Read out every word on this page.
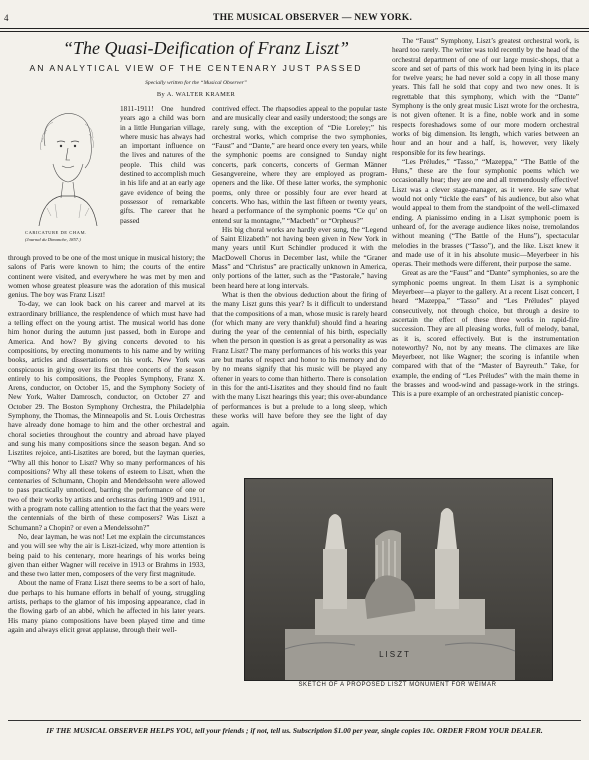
4	THE MUSICAL OBSERVER — NEW YORK.
“The Quasi-Deification of Franz Liszt”
AN ANALYTICAL VIEW OF THE CENTENARY JUST PASSED
Specially written for the “Musical Observer”
By A. WALTER KRAMER
CARICATURE DE CHAM.
(Journal du Dimanche, 1857.)

1811-1911! One hundred years ago a child was born in a little Hungarian village, where music has always had an important influence on the lives and natures of the people. This child was destined to accomplish much in his life and at an early age gave evidence of being the possessor of remarkable gifts. The career that he passed

through proved to be one of the most unique in musical history; the salons of Paris were known to him; the courts of the entire continent were visited, and everywhere he was met by men and women whose greatest pleasure was the adoration of this musical genius. The boy was Franz Liszt!

To-day, we can look back on his career and marvel at its extraordinary brilliance, the resplendence of which must have had a telling effect on the young artist. The musical world has done him honor during the autumn just passed, both in Europe and America. And how? By giving concerts devoted to his compositions, by erecting monuments to his name and by writing books, articles and dissertations on his work. New York was conspicuous in giving over its first three concerts of the season entirely to his compositions, the Peoples Symphony, Franz X. Arens, conductor, on October 15, and the Symphony Society of New York, Walter Damrosch, conductor, on October 27 and October 29. The Boston Symphony Orchestra, the Philadelphia Symphony, the Thomas, the Minneapolis and St. Louis Orchestras have already done homage to him and the other orchestral and choral societies throughout the country and abroad have played and sung his many compositions since the season began. And so Lisztites rejoice, anti-Lisztites are bored, but the layman queries, “Why all this honor to Liszt? Why so many performances of his compositions? Why all these tokens of esteem to Liszt, when the centenaries of Schumann, Chopin and Mendelssohn were allowed to pass practically unnoticed, barring the performance of one or two of their works by artists and orchestras during 1909 and 1911, with a program note calling attention to the fact that the years were the centennials of the birth of these composers? Was Liszt a Schumann? a Chopin? or even a Mendelssohn?”

No, dear layman, he was not! Let me explain the circumstances and you will see why the air is Liszt-icized, why more attention is being paid to his centenary, more hearings of his works being given than either Wagner will receive in 1913 or Brahms in 1933, and these two latter men, composers of the very first magnitude.

About the name of Franz Liszt there seems to be a sort of halo, due perhaps to his humane efforts in behalf of young, struggling artists, perhaps to the glamor of his imposing appearance, clad in the flowing garb of an abbé, which he affected in his later years. His many piano compositions have been played time and time again and always elicit great applause, through their well-

contrived effect. The rhapsodies appeal to the popular taste and are musically clear and easily understood; the songs are rarely sung, with the exception of “Die Loreley;” his orchestral works, which comprise the two symphonies, “Faust” and “Dante,” are heard once every ten years, while the symphonic poems are consigned to Sunday night concerts, park concerts, concerts of German Männer Gesangvereine, where they are employed as program-openers and the like. Of these latter works, the symphonic poems, only three or possibly four are ever heard at concerts. Who has, within the last fifteen or twenty years, heard a performance of the symphonic poems “Ce qu’ on entend sur la montagne,” “Macbeth” or “Orpheus?”

His big choral works are hardly ever sung, the “Legend of Saint Elizabeth” not having been given in New York in many years until Kurt Schindler produced it with the MacDowell Chorus in December last, while the “Graner Mass” and “Christus” are practically unknown in America, only portions of the latter, such as the “Pastorale,” having been heard here at long intervals.

What is then the obvious deduction about the firing of the many Liszt guns this year? Is it difficult to understand that the compositions of a man, whose music is rarely heard (for which many are very thankful) should find a hearing during the year of the centennial of his birth, especially when the person in question is as great a personality as was Franz Liszt? The many performances of his works this year are but marks of respect and honor to his memory and do by no means signify that his music will be played any oftener in years to come than hitherto. There is consolation in this for the anti-Lisztites and they should find no fault with the many Liszt hearings this year; this over-abundance of performances is but a prelude to a long sleep, which these works will have before they see the light of day again.

The “Faust” Symphony, Liszt’s greatest orchestral work, is heard too rarely. The writer was told recently by the head of the orchestral department of one of our large music-shops, that a score and set of parts of this work had been lying in its place for twelve years; he had never sold a copy in all those many years. This fall he sold that copy and two new ones. It is regrettable that this symphony, which with the “Dante” Symphony is the only great music Liszt wrote for the orchestra, is not given oftener. It is a fine, noble work and in some respects foreshadows some of our more modern orchestral works of big dimension. Its length, which varies between an hour and an hour and a half, is, however, very likely responsible for its few hearings.

“Les Préludes,” “Tasso,” “Mazeppa,” “The Battle of the Huns,” these are the four symphonic poems which we occasionally hear; they are one and all tremendously effective! Liszt was a clever stage-manager, as it were. He saw what would not only “tickle the ears” of his audience, but also what would appeal to them from the standpoint of the well-climaxed ending. A pianissimo ending in a Liszt symphonic poem is unheard of, for the average audience likes noise, tremolandos without meaning (“The Battle of the Huns”), spectacular melodies in the brasses (“Tasso”), and the like. Liszt knew it and made use of it in his absolute music—Meyerbeer in his operas. Their methods were different, their purpose the same.

Great as are the “Faust” and “Dante” symphonies, so are the symphonic poems ungreat. In them Liszt is a symphonic Meyerbeer—a player to the gallery. At a recent Liszt concert, I heard “Mazeppa,” “Tasso” and “Les Préludes” played consecutively, not through choice, but through a desire to ascertain the effect of these three works in rapid-fire succession. They are all pleasing works, full of melody, banal, as it is, scored effectively. But is the instrumentation noteworthy? No, not by any means. The climaxes are like Meyerbeer, not like Wagner; the scoring is infantile when compared with that of the “Master of Bayreuth.” Take, for example, the ending of “Les Préludes” with the main theme in the brasses and wood-wind and passage-work in the strings. This is a pure example of an orchestrated pianistic concep-

LISZT
SKETCH OF A PROPOSED LISZT MONUMENT FOR WEIMAR
IF THE MUSICAL OBSERVER HELPS YOU, tell your friends ; if not, tell us. Subscription $1.00 per year, single copies 10c. ORDER FROM YOUR DEALER.
